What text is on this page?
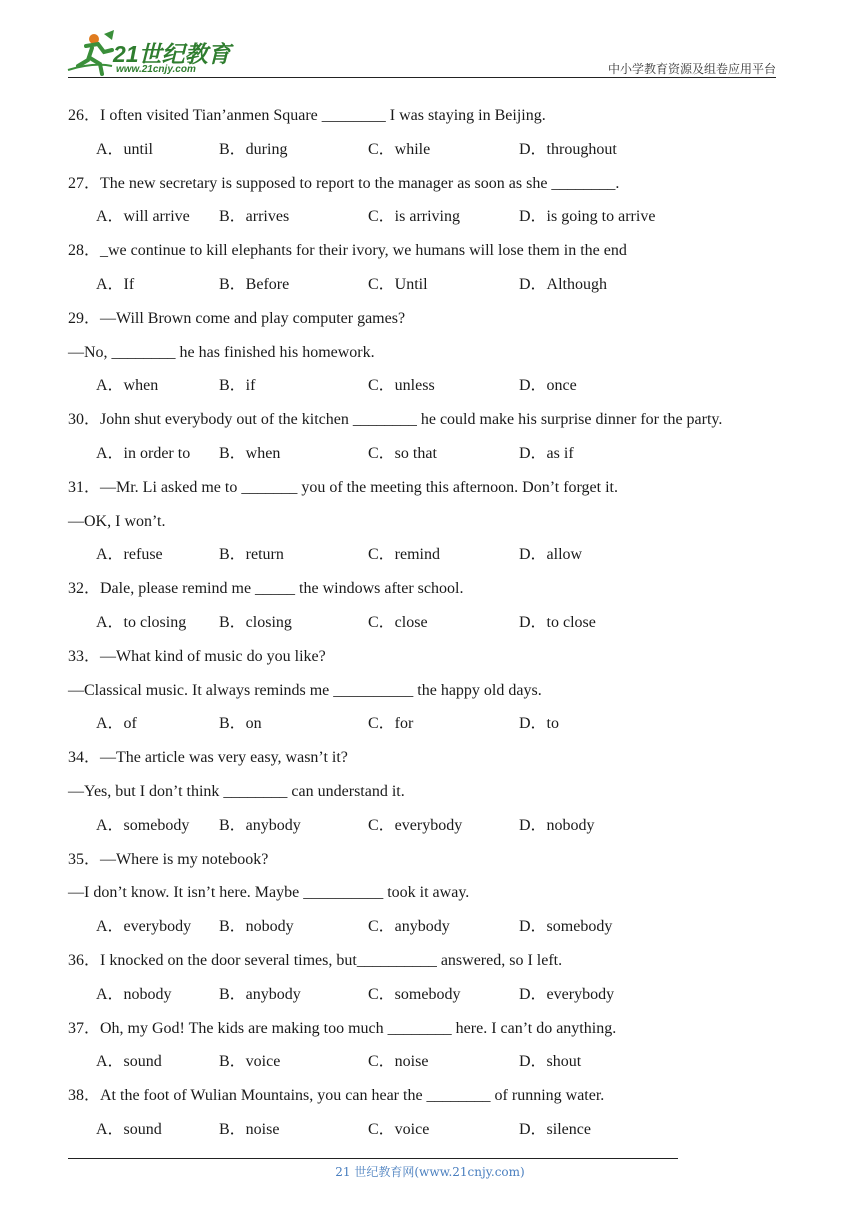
21世纪教育
www.21cnjy.com	中小学教育资源及组卷应用平台
26．I often visited Tian’anmen Square ________ I was staying in Beijing.
A．until	B．during	C．while	D．throughout
27．The new secretary is supposed to report to the manager as soon as she ________.
A．will arrive B．arrives	C．is arriving	D．is going to arrive
28．_we continue to kill elephants for their ivory, we humans will lose them in the end
A．If	B．Before	C．Until	D．Although
29．—Will Brown come and play computer games?
—No, ________ he has finished his homework.
A．when	B．if	C．unless	D．once
30．John shut everybody out of the kitchen ________ he could make his surprise dinner for the party.
A．in order to B．when	C．so that	D．as if
31．—Mr. Li asked me to _______ you of the meeting this afternoon. Don’t forget it.
—OK, I won’t.
A．refuse	B．return	C．remind	D．allow
32．Dale, please remind me _____ the windows after school.
A．to closing B．closing	C．close	D．to close
33．—What kind of music do you like?
—Classical music. It always reminds me __________ the happy old days.
A．of	B．on	C．for	D．to
34．—The article was very easy, wasn’t it?
—Yes, but I don’t think ________ can understand it.
A．somebody B．anybody	C．everybody	D．nobody
35．—Where is my notebook?
—I don’t know. It isn’t here. Maybe __________ took it away.
A．everybody B．nobody	C．anybody	D．somebody
36．I knocked on the door several times, but__________ answered, so I left.
A．nobody	B．anybody	C．somebody	D．everybody
37．Oh, my God! The kids are making too much ________ here. I can’t do anything.
A．sound	B．voice	C．noise	D．shout
38．At the foot of Wulian Mountains, you can hear the ________ of running water.
A．sound	B．noise	C．voice	D．silence
21 世纪教育网(www.21cnjy.com)
